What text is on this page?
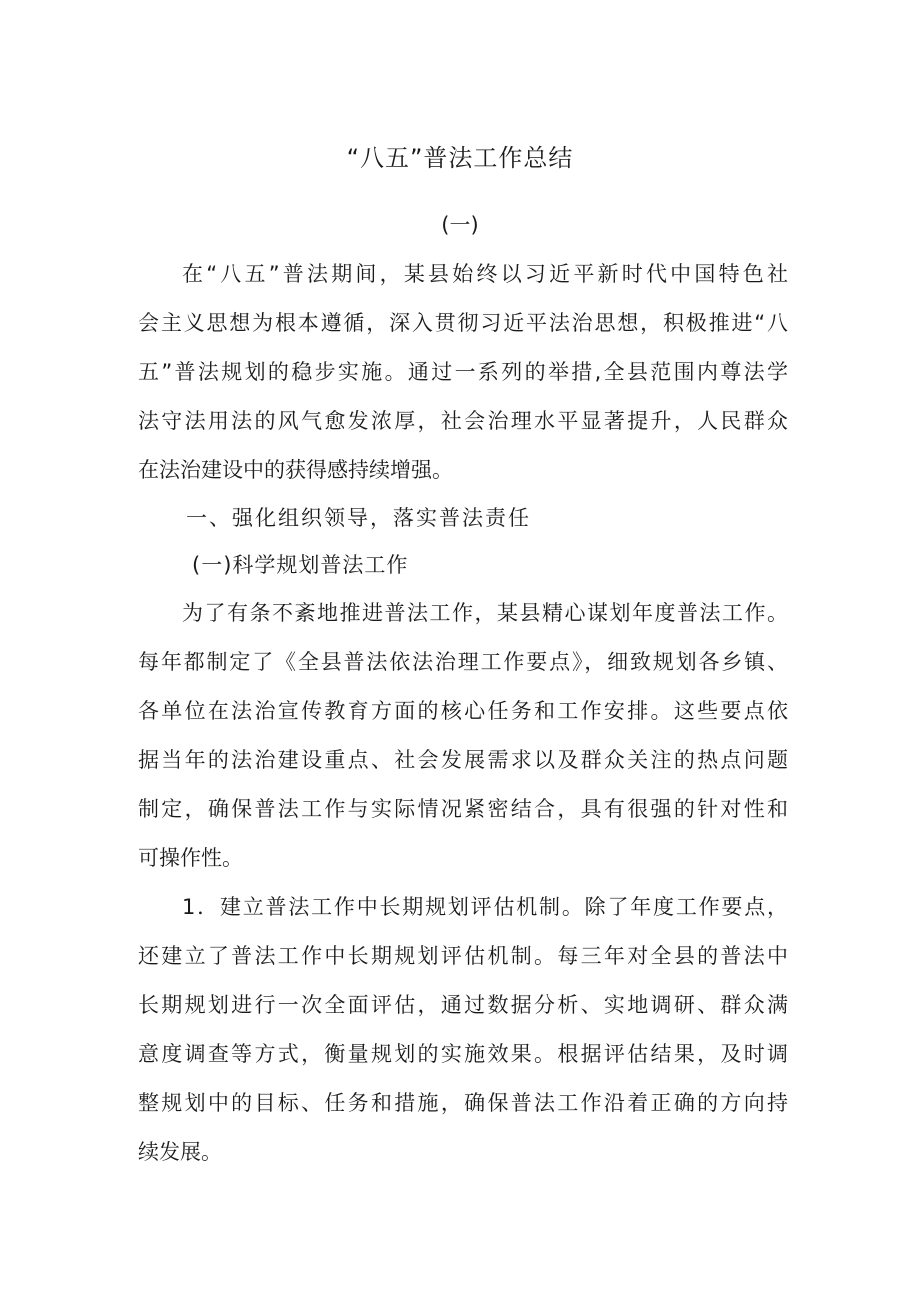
“八五”普法工作总结
(一)
在“八五”普法期间，某县始终以习近平新时代中国特色社
会主义思想为根本遵循，深入贯彻习近平法治思想，积极推进“八
五”普法规划的稳步实施。通过一系列的举措,全县范围内尊法学
法守法用法的风气愈发浓厚，社会治理水平显著提升，人民群众
在法治建设中的获得感持续增强。
一、强化组织领导，落实普法责任
(一)科学规划普法工作
为了有条不紊地推进普法工作，某县精心谋划年度普法工作。
每年都制定了《全县普法依法治理工作要点》，细致规划各乡镇、
各单位在法治宣传教育方面的核心任务和工作安排。这些要点依
据当年的法治建设重点、社会发展需求以及群众关注的热点问题
制定，确保普法工作与实际情况紧密结合，具有很强的针对性和
可操作性。
1．建立普法工作中长期规划评估机制。除了年度工作要点，
还建立了普法工作中长期规划评估机制。每三年对全县的普法中
长期规划进行一次全面评估，通过数据分析、实地调研、群众满
意度调查等方式，衡量规划的实施效果。根据评估结果，及时调
整规划中的目标、任务和措施，确保普法工作沿着正确的方向持
续发展。
